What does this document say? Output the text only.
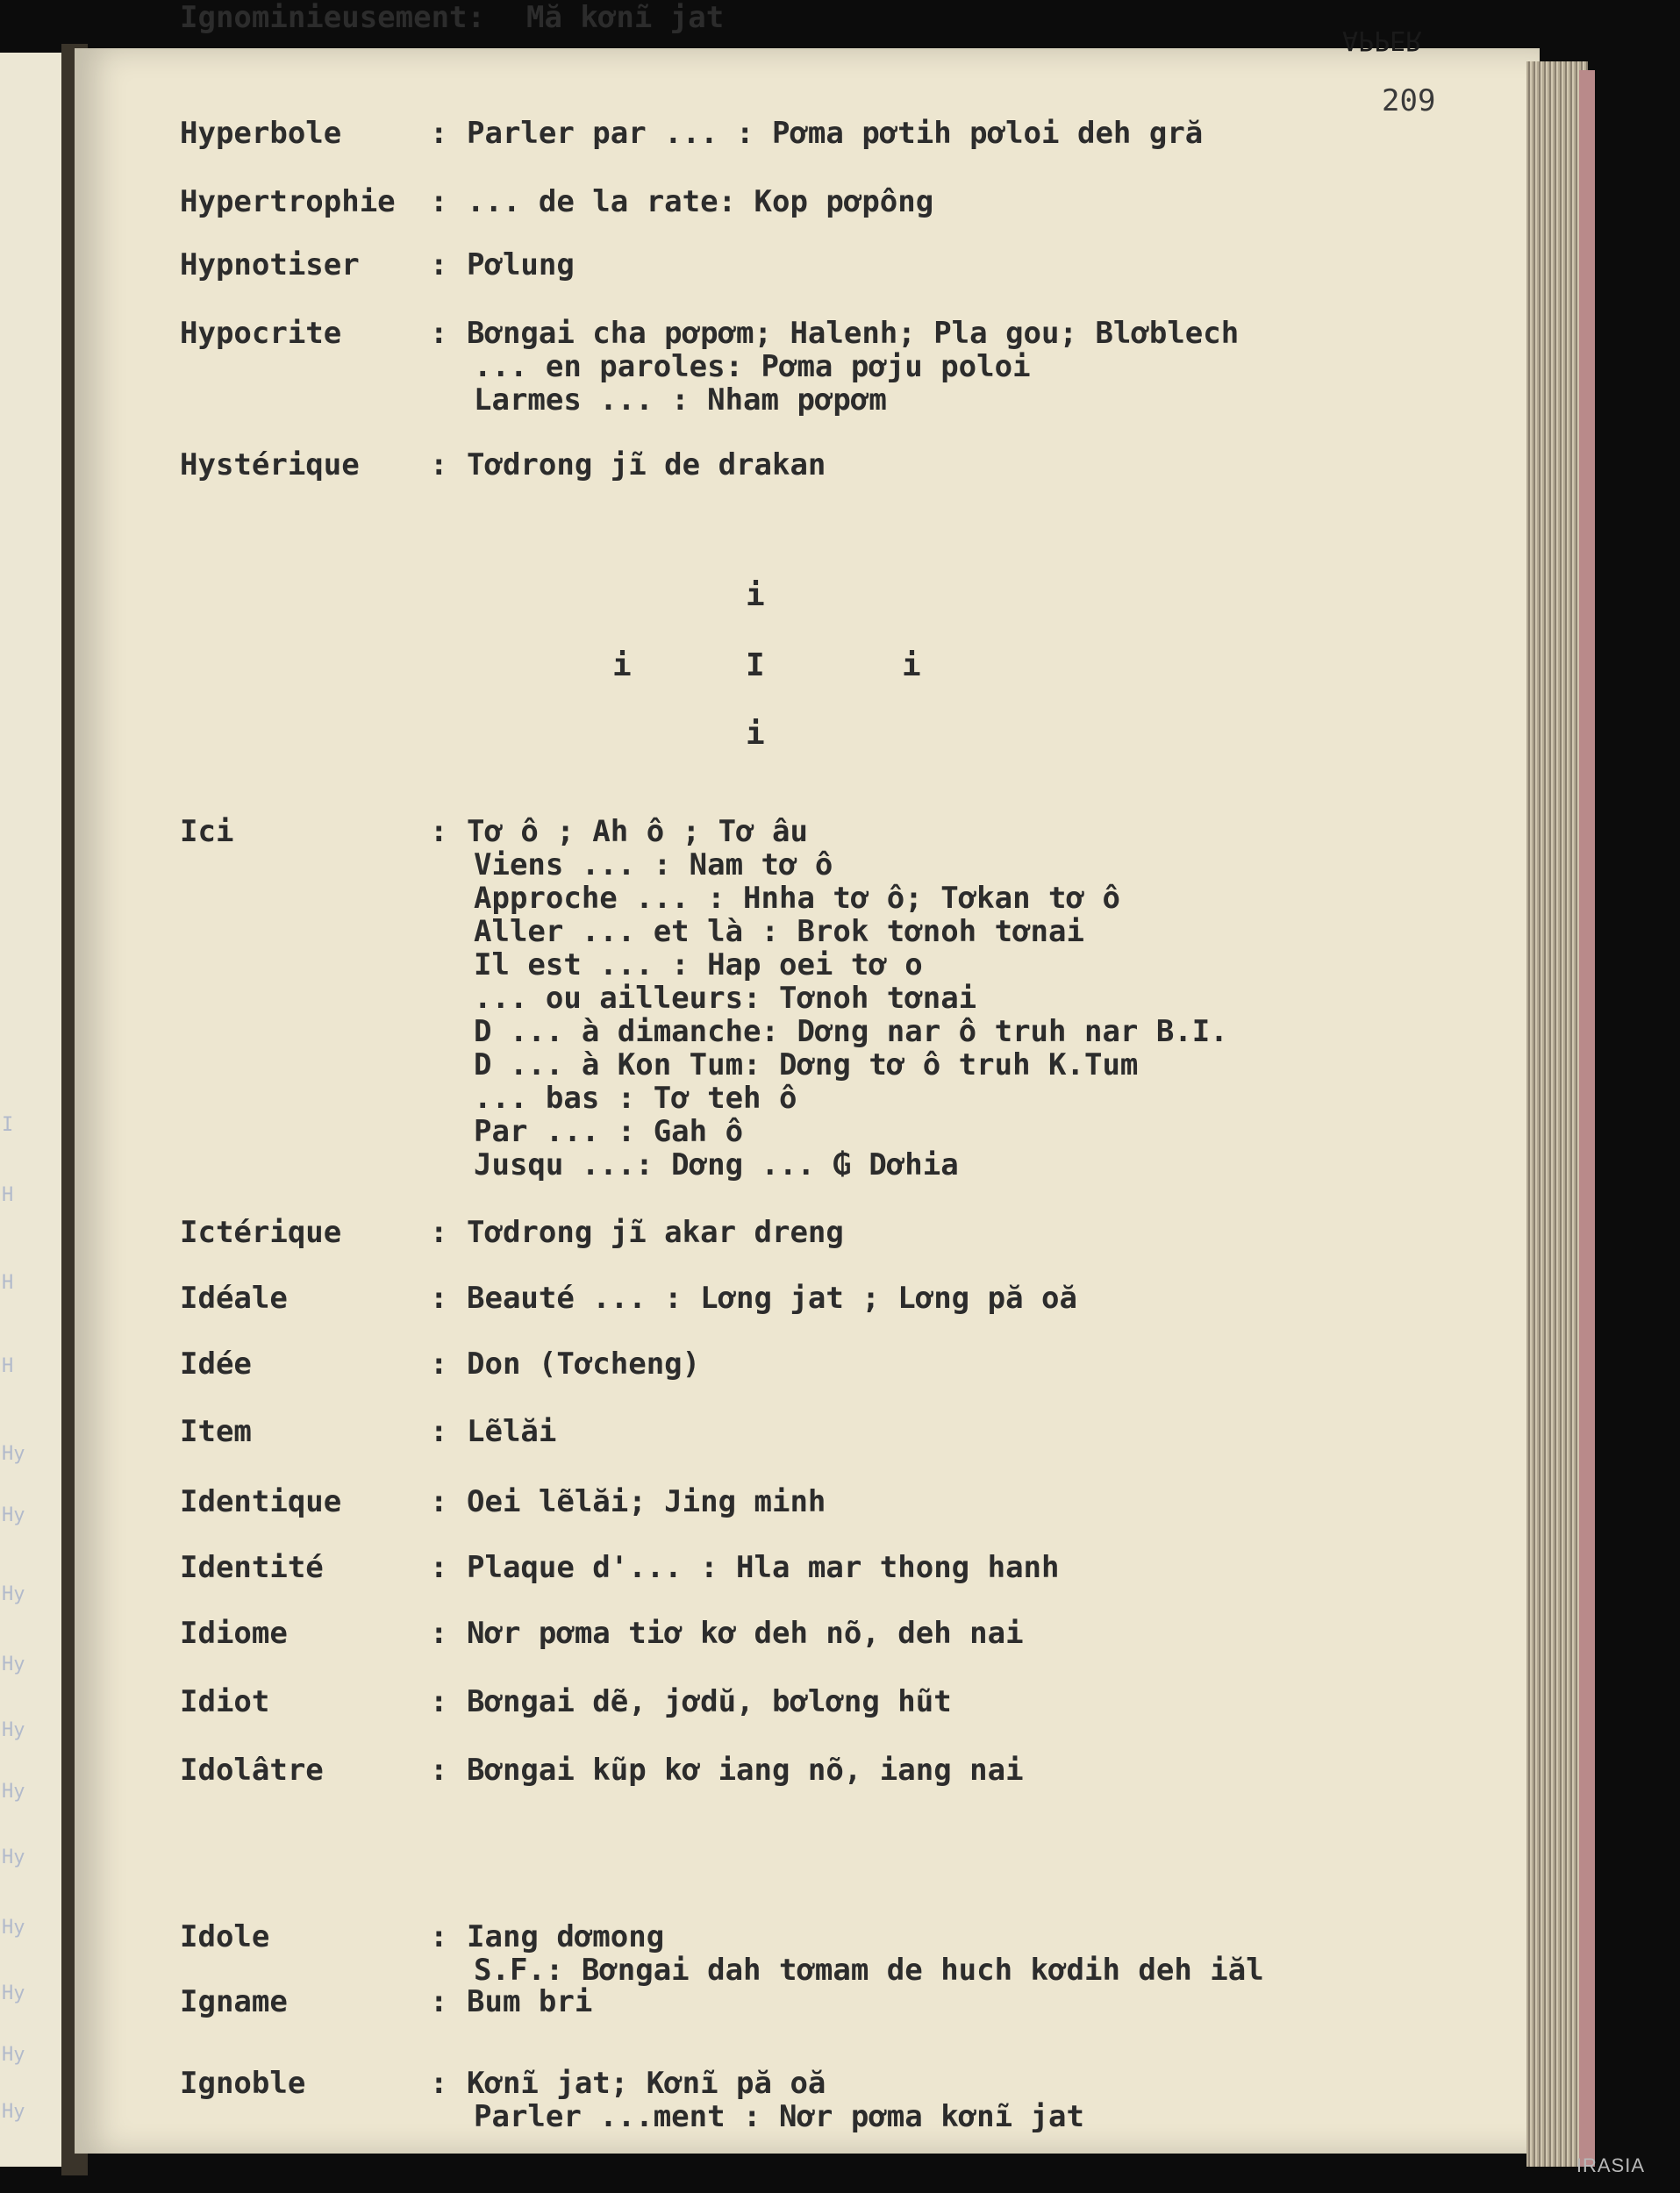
APPER
209
I
H
H
H
Hy
Hy
Hy
Hy
Hy
Hy
Hy
Hy
Hy
Hy
Hy
i
i	I	i
i
Hyperbole	: Parler par ... : Pơma pơtih pơloi deh gră
Hypertrophie : ... de la rate: Kop pơpông
Hypnotiser : Pơlung
Hypocrite	: Bơngai cha pơpơm; Halenh; Pla gou; Blơblech
... en paroles: Pơma pơju poloi
Larmes ... : Nham pơpơm
Hystérique : Tơdrong jĩ de drakan
Ici	: Tơ ô ; Ah ô ; Tơ âu
Viens ... : Nam tơ ô
Approche ... : Hnha tơ ô; Tơkan tơ ô
Aller ... et là : Brok tơnoh tơnai
Il est ... : Hap oei tơ o
... ou ailleurs: Tơnoh tơnai
D ... à dimanche: Dơng nar ô truh nar B.I.
D ... à Kon Tum: Dơng tơ ô truh K.Tum
... bas : Tơ teh ô
Par ... : Gah ô
Jusqu ...: Dơng ... ₲ Dơhia
Ictérique	: Tơdrong jĩ akar dreng
Idéale	: Beauté ... : Lơng jat ; Lơng pă oă
Idée	: Don (Tơcheng)
Item	: Lẽlăi
Identique	: Oei lẽlăi; Jing minh
Identité	: Plaque d'... : Hla mar thong hanh
Idiome	: Nơr pơma tiơ kơ deh nõ, deh nai
Idiot	: Bơngai dẽ, jơdŭ, bơlơng hũt
Idolâtre	: Bơngai kũp kơ iang nõ, iang nai
Idole	: Iang dơmong
S.F.: Bơngai dah tơmam de huch kơdih deh iăl
Igname	: Bum bri
Ignoble	: Kơnĩ jat; Kơnĩ pă oă
Parler ...ment : Nơr pơma kơnĩ jat
Ignominieusement: Mă kơnĩ jat
IRASIA
